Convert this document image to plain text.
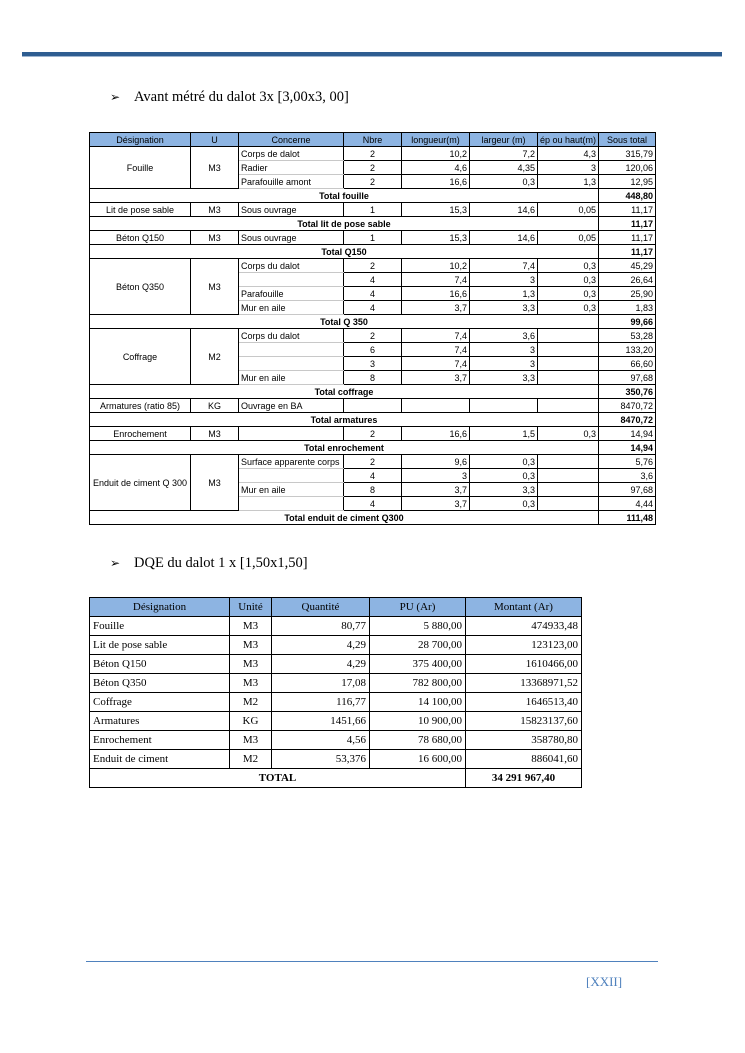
➢ Avant métré du dalot 3x [3,00x3, 00]
Désignation	U	Concerne	Nbre	longueur(m)	largeur (m)	ép ou haut(m)	Sous total
Fouille	M3	Corps de dalot	2	10,2	7,2	4,3	315,79
		Radier	2	4,6	4,35	3	120,06
		Parafouille amont	2	16,6	0,3	1,3	12,95
Total fouille							448,80
Lit de pose sable	M3	Sous ouvrage	1	15,3	14,6	0,05	11,17
Total lit de pose sable							11,17
Béton Q150	M3	Sous ouvrage	1	15,3	14,6	0,05	11,17
Total Q150							11,17
Béton Q350	M3	Corps du dalot	2	10,2	7,4	0,3	45,29
			4	7,4	3	0,3	26,64
		Parafouille	4	16,6	1,3	0,3	25,90
		Mur en aile	4	3,7	3,3	0,3	1,83
Total Q 350							99,66
Coffrage	M2	Corps du dalot	2	7,4	3,6		53,28
			6	7,4	3		133,20
			3	7,4	3		66,60
		Mur en aile	8	3,7	3,3		97,68
Total coffrage							350,76
Armatures (ratio 85)	KG	Ouvrage en BA					8470,72
Total armatures							8470,72
Enrochement	M3		2	16,6	1,5	0,3	14,94
Total enrochement							14,94
Enduit de ciment Q 300	M3	Surface apparente corps	2	9,6	0,3		5,76
			4	3	0,3		3,6
		Mur en aile	8	3,7	3,3		97,68
			4	3,7	0,3		4,44
Total enduit de ciment Q300							111,48
➢ DQE du dalot 1 x [1,50x1,50]
Désignation	Unité	Quantité	PU (Ar)	Montant (Ar)
Fouille	M3	80,77	5 880,00	474933,48
Lit de pose sable	M3	4,29	28 700,00	123123,00
Béton Q150	M3	4,29	375 400,00	1610466,00
Béton Q350	M3	17,08	782 800,00	13368971,52
Coffrage	M2	116,77	14 100,00	1646513,40
Armatures	KG	1451,66	10 900,00	15823137,60
Enrochement	M3	4,56	78 680,00	358780,80
Enduit de ciment	M2	53,376	16 600,00	886041,60
TOTAL				34 291 967,40
[XXII]
